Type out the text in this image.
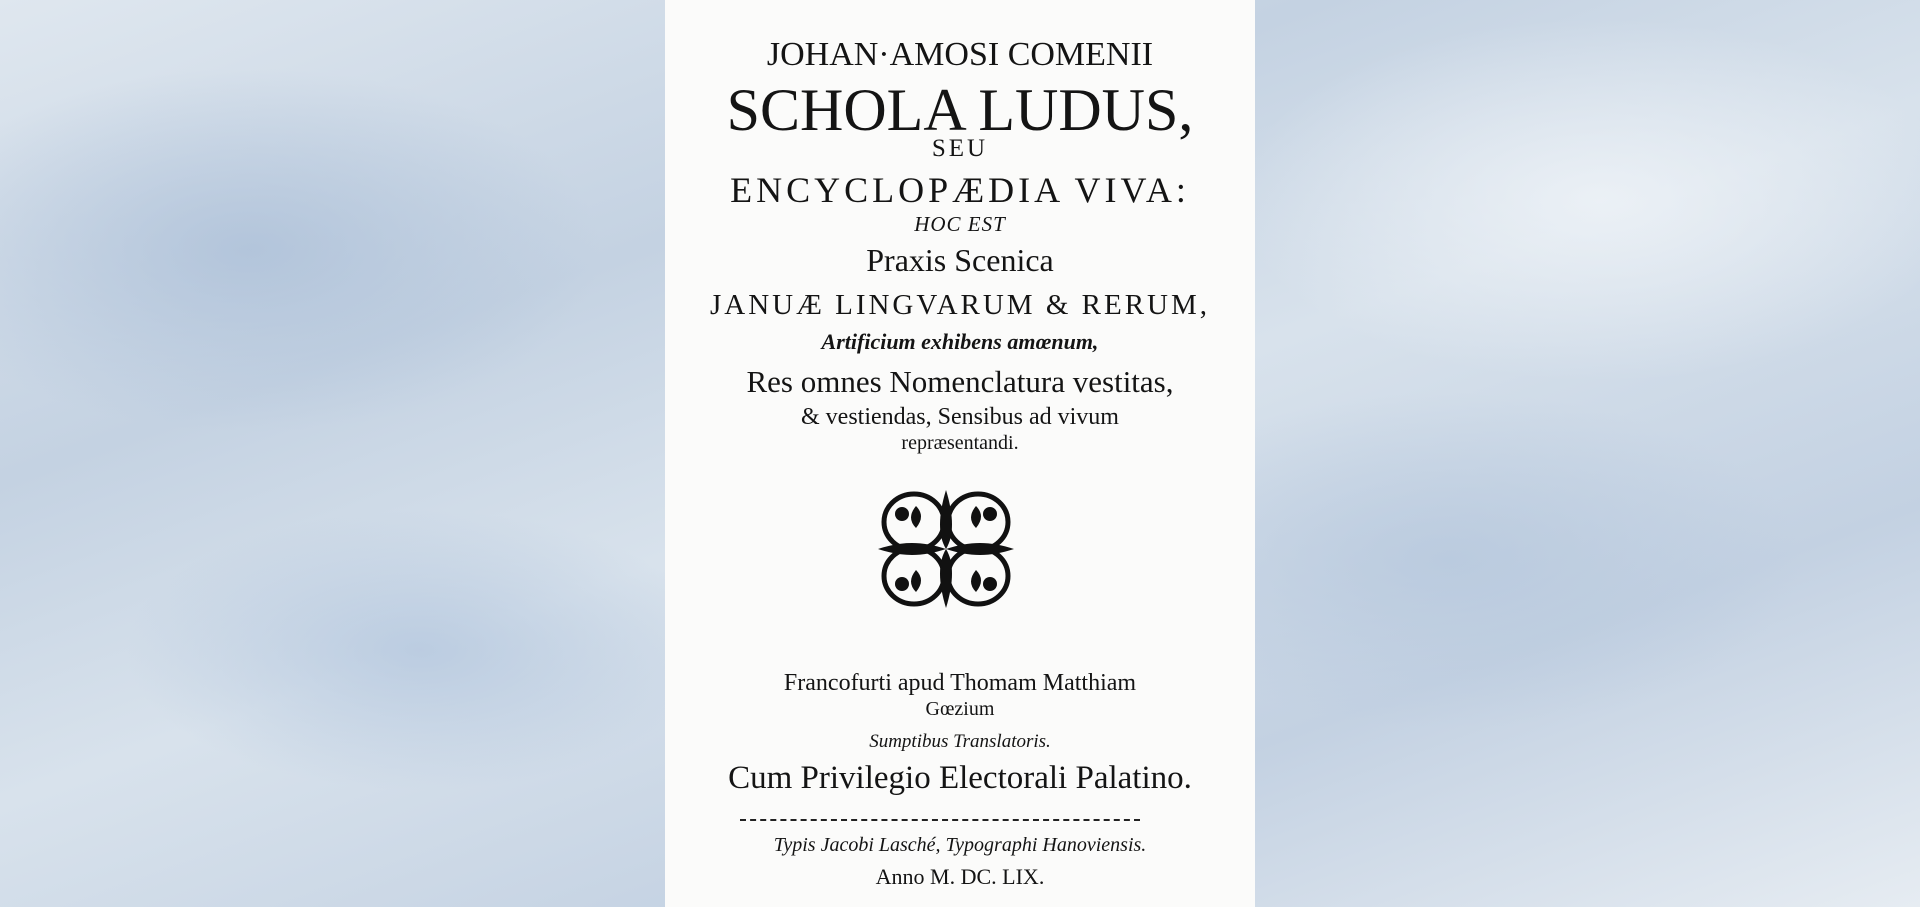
JOHAN·AMOSI COMENII
SCHOLA LUDUS,
SEU
ENCYCLOPÆDIA VIVA:
HOC EST
Praxis Scenica
JANUÆ LINGVARUM & RERUM,
Artificium exhibens amœnum,
Res omnes Nomenclatura vestitas,
& vestiendas, Sensibus ad vivum
repræsentandi.
Francofurti apud Thomam Matthiam
Gœzium
Sumptibus Translatoris.
Cum Privilegio Electorali Palatino.
Typis Jacobi Lasché, Typographi Hanoviensis.
Anno M. DC. LIX.
